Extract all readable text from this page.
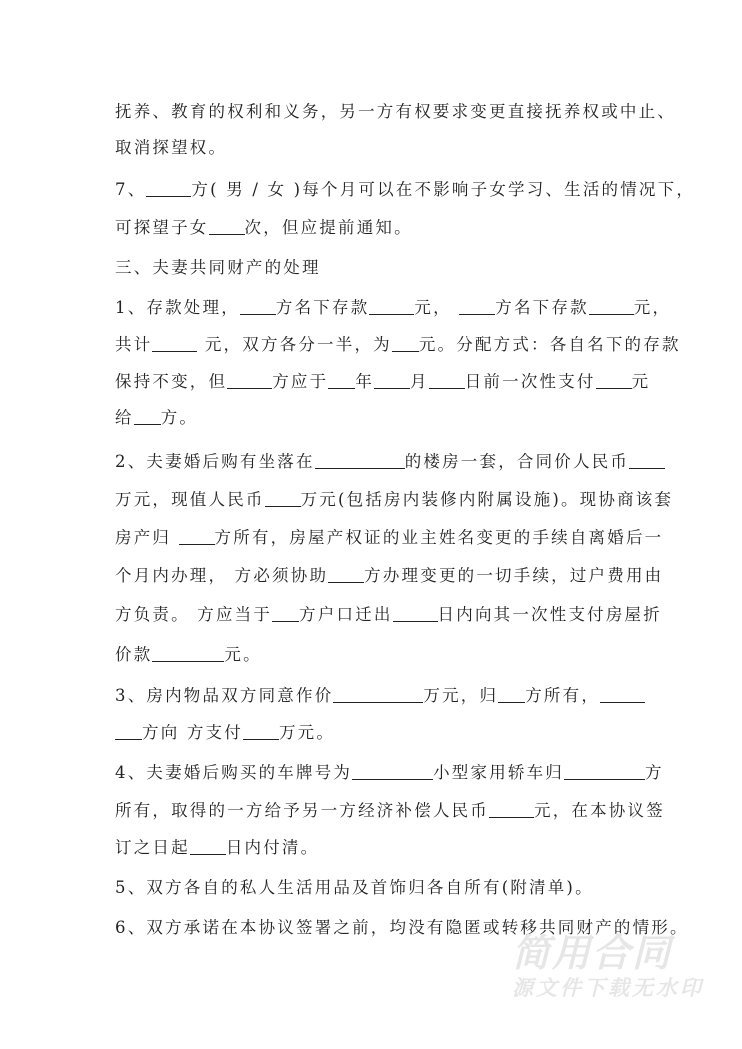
抚养、教育的权利和义务，另一方有权要求变更直接抚养权或中止、
取消探望权。
7、	方( 男 / 女 )每个月可以在不影响子女学习、生活的情况下，
可探望子女 次，但应提前通知。
三、夫妻共同财产的处理
1、存款处理， 方名下存款	元， 方名下存款	元，
共计	元，双方各分一半，为 元。分配方式：各自名下的存款
保持不变，但	方应于 年 月 日前一次性支付 元
给 方。
2、夫妻婚后购有坐落在	的楼房一套，合同价人民币
万元，现值人民币 万元(包括房内装修内附属设施)。现协商该套
房产归 方所有，房屋产权证的业主姓名变更的手续自离婚后一
个月内办理， 方必须协助 方办理变更的一切手续，过户费用由
方负责。 方应当于 方户口迁出	日内向其一次性支付房屋折
价款	元。
3、房内物品双方同意作价	万元，归 方所有，
方向 方支付 万元。
4、夫妻婚后购买的车牌号为	小型家用轿车归	方
所有，取得的一方给予另一方经济补偿人民币	元，在本协议签
订之日起 日内付清。
5、双方各自的私人生活用品及首饰归各自所有(附清单)。
6、双方承诺在本协议签署之前，均没有隐匿或转移共同财产的情形。
简用合同
源文件下载无水印
